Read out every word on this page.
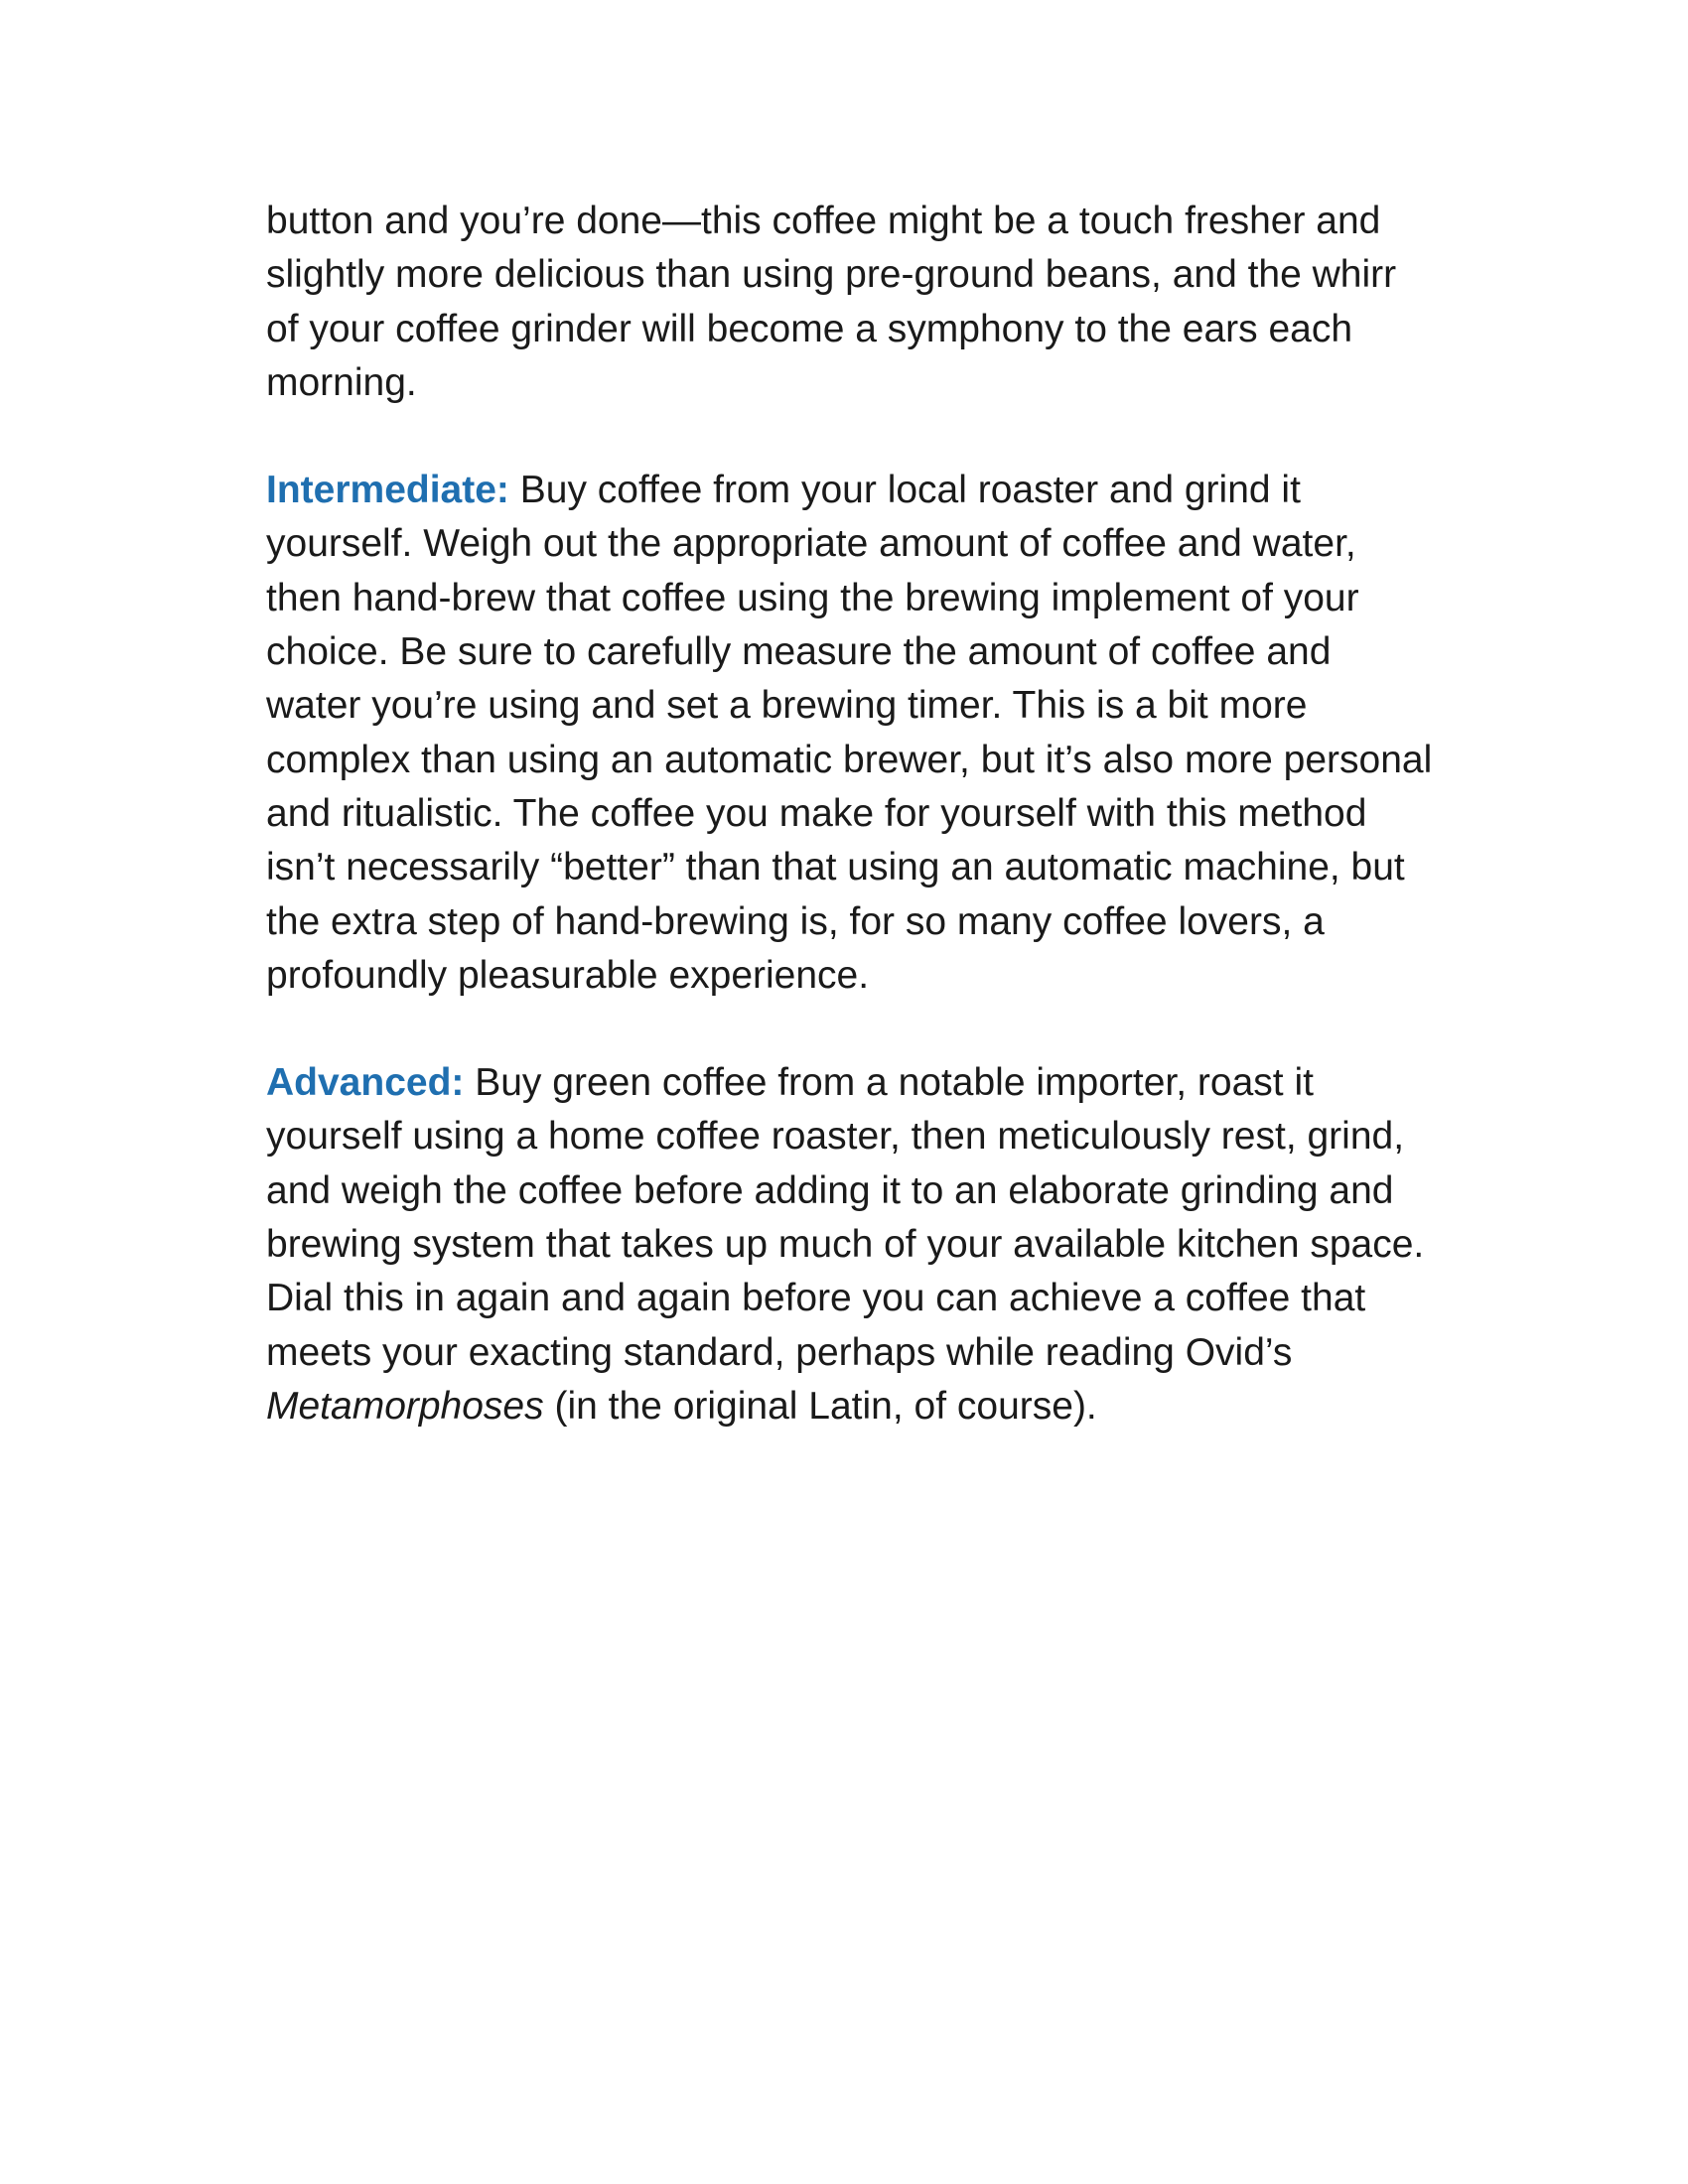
button and you’re done—this coffee might be a touch fresher and slightly more delicious than using pre-ground beans, and the whirr of your coffee grinder will become a symphony to the ears each morning.

Intermediate: Buy coffee from your local roaster and grind it yourself. Weigh out the appropriate amount of coffee and water, then hand-brew that coffee using the brewing implement of your choice. Be sure to carefully measure the amount of coffee and water you’re using and set a brewing timer. This is a bit more complex than using an automatic brewer, but it’s also more personal and ritualistic. The coffee you make for yourself with this method isn’t necessarily “better” than that using an automatic machine, but the extra step of hand-brewing is, for so many coffee lovers, a profoundly pleasurable experience.

Advanced: Buy green coffee from a notable importer, roast it yourself using a home coffee roaster, then meticulously rest, grind, and weigh the coffee before adding it to an elaborate grinding and brewing system that takes up much of your available kitchen space. Dial this in again and again before you can achieve a coffee that meets your exacting standard, perhaps while reading Ovid’s Metamorphoses (in the original Latin, of course).
